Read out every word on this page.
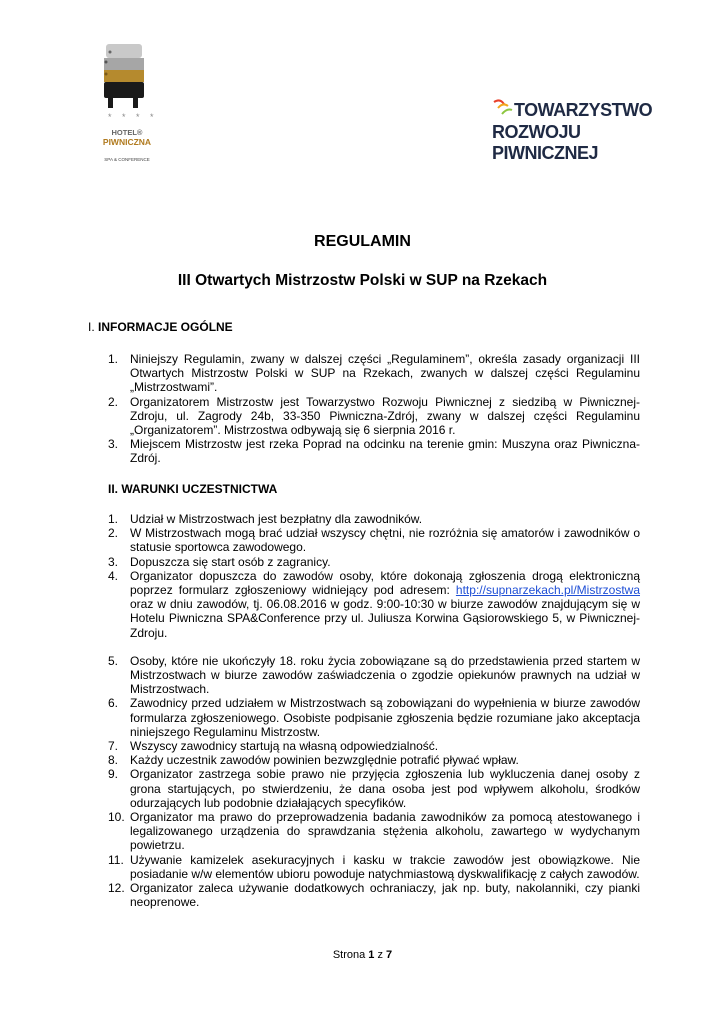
* * * *
HOTEL®
PIWNICZNA
SPA & CONFERENCE
TOWARZYSTWO
ROZWOJU PIWNICZNEJ
REGULAMIN
III Otwartych Mistrzostw Polski w SUP na Rzekach
I. INFORMACJE OGÓLNE
1. Niniejszy Regulamin, zwany w dalszej części „Regulaminem”, określa zasady organizacji III Otwartych Mistrzostw Polski w SUP na Rzekach, zwanych w dalszej części Regulaminu „Mistrzostwami”.
2. Organizatorem Mistrzostw jest Towarzystwo Rozwoju Piwnicznej z siedzibą w Piwnicznej-Zdroju, ul. Zagrody 24b, 33-350 Piwniczna-Zdrój, zwany w dalszej części Regulaminu „Organizatorem”. Mistrzostwa odbywają się 6 sierpnia 2016 r.
3. Miejscem Mistrzostw jest rzeka Poprad na odcinku na terenie gmin: Muszyna oraz Piwniczna-Zdrój.
II. WARUNKI UCZESTNICTWA
1. Udział w Mistrzostwach jest bezpłatny dla zawodników.
2. W Mistrzostwach mogą brać udział wszyscy chętni, nie rozróżnia się amatorów i zawodników o statusie sportowca zawodowego.
3. Dopuszcza się start osób z zagranicy.
4. Organizator dopuszcza do zawodów osoby, które dokonają zgłoszenia drogą elektroniczną poprzez formularz zgłoszeniowy widniejący pod adresem: http://supnarzekach.pl/Mistrzostwa oraz w dniu zawodów, tj. 06.08.2016 w godz. 9:00-10:30 w biurze zawodów znajdującym się w Hotelu Piwniczna SPA&Conference przy ul. Juliusza Korwina Gąsiorowskiego 5, w Piwnicznej-Zdroju.
5. Osoby, które nie ukończyły 18. roku życia zobowiązane są do przedstawienia przed startem w Mistrzostwach w biurze zawodów zaświadczenia o zgodzie opiekunów prawnych na udział w Mistrzostwach.
6. Zawodnicy przed udziałem w Mistrzostwach są zobowiązani do wypełnienia w biurze zawodów formularza zgłoszeniowego. Osobiste podpisanie zgłoszenia będzie rozumiane jako akceptacja niniejszego Regulaminu Mistrzostw.
7. Wszyscy zawodnicy startują na własną odpowiedzialność.
8. Każdy uczestnik zawodów powinien bezwzględnie potrafić pływać wpław.
9. Organizator zastrzega sobie prawo nie przyjęcia zgłoszenia lub wykluczenia danej osoby z grona startujących, po stwierdzeniu, że dana osoba jest pod wpływem alkoholu, środków odurzających lub podobnie działających specyfików.
10. Organizator ma prawo do przeprowadzenia badania zawodników za pomocą atestowanego i legalizowanego urządzenia do sprawdzania stężenia alkoholu, zawartego w wydychanym powietrzu.
11. Używanie kamizelek asekuracyjnych i kasku w trakcie zawodów jest obowiązkowe. Nie posiadanie w/w elementów ubioru powoduje natychmiastową dyskwalifikację z całych zawodów.
12. Organizator zaleca używanie dodatkowych ochraniaczy, jak np. buty, nakolanniki, czy pianki neoprenowe.
Strona 1 z 7
